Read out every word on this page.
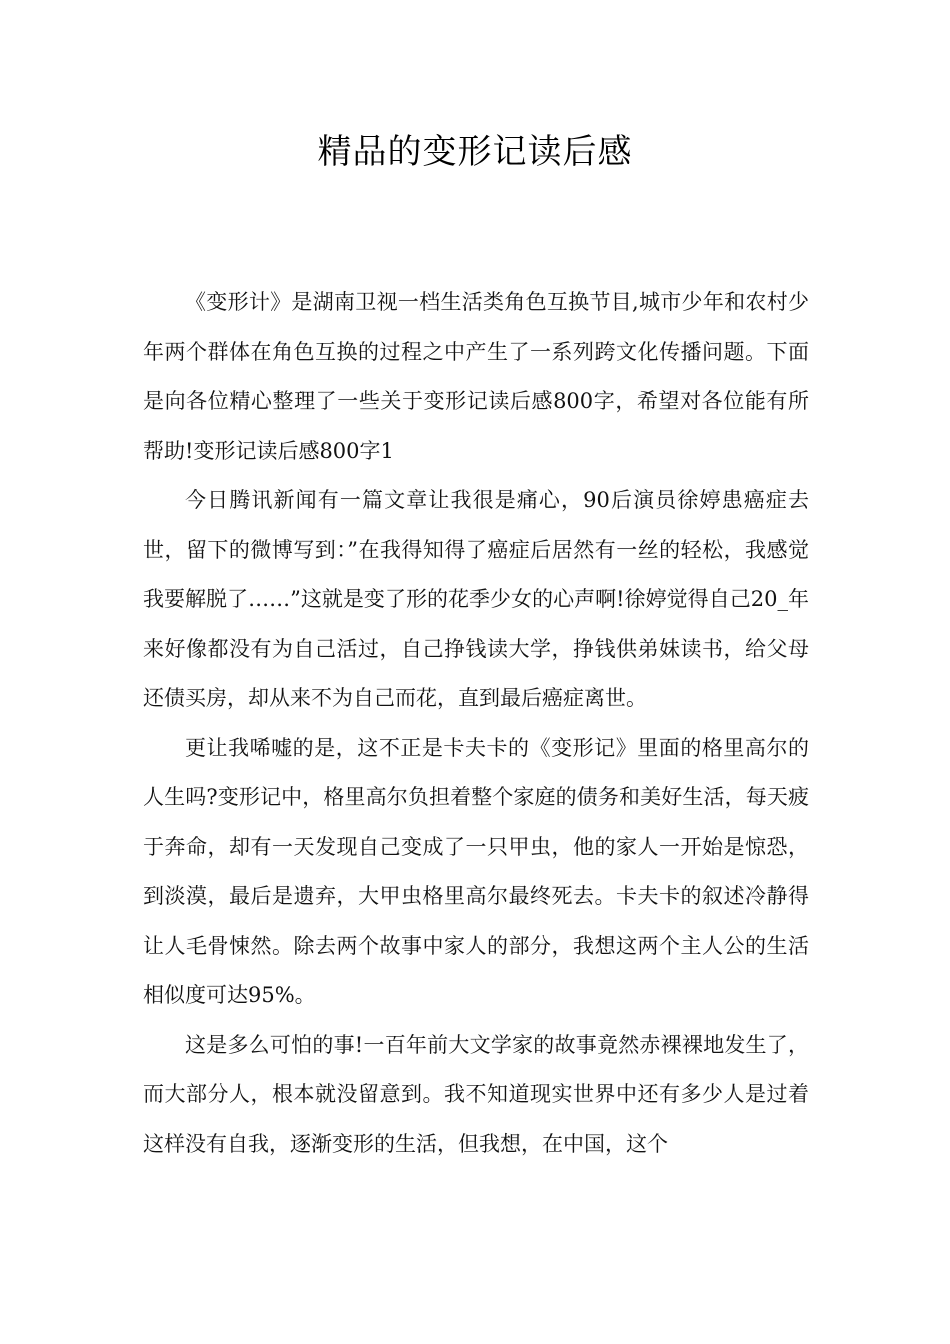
精品的变形记读后感

《变形计》是湖南卫视一档生活类角色互换节目,城市少年和农村少年两个群体在角色互换的过程之中产生了一系列跨文化传播问题。下面是向各位精心整理了一些关于变形记读后感800字，希望对各位能有所帮助!变形记读后感800字1

今日腾讯新闻有一篇文章让我很是痛心，90后演员徐婷患癌症去世，留下的微博写到：”在我得知得了癌症后居然有一丝的轻松，我感觉我要解脱了……”这就是变了形的花季少女的心声啊!徐婷觉得自己20_年来好像都没有为自己活过，自己挣钱读大学，挣钱供弟妹读书，给父母还债买房，却从来不为自己而花，直到最后癌症离世。

更让我唏嘘的是，这不正是卡夫卡的《变形记》里面的格里高尔的人生吗?变形记中，格里高尔负担着整个家庭的债务和美好生活，每天疲于奔命，却有一天发现自己变成了一只甲虫，他的家人一开始是惊恐，到淡漠，最后是遗弃，大甲虫格里高尔最终死去。卡夫卡的叙述冷静得让人毛骨悚然。除去两个故事中家人的部分，我想这两个主人公的生活相似度可达95%。

这是多么可怕的事!一百年前大文学家的故事竟然赤裸裸地发生了，而大部分人，根本就没留意到。我不知道现实世界中还有多少人是过着这样没有自我，逐渐变形的生活，但我想，在中国，这个
